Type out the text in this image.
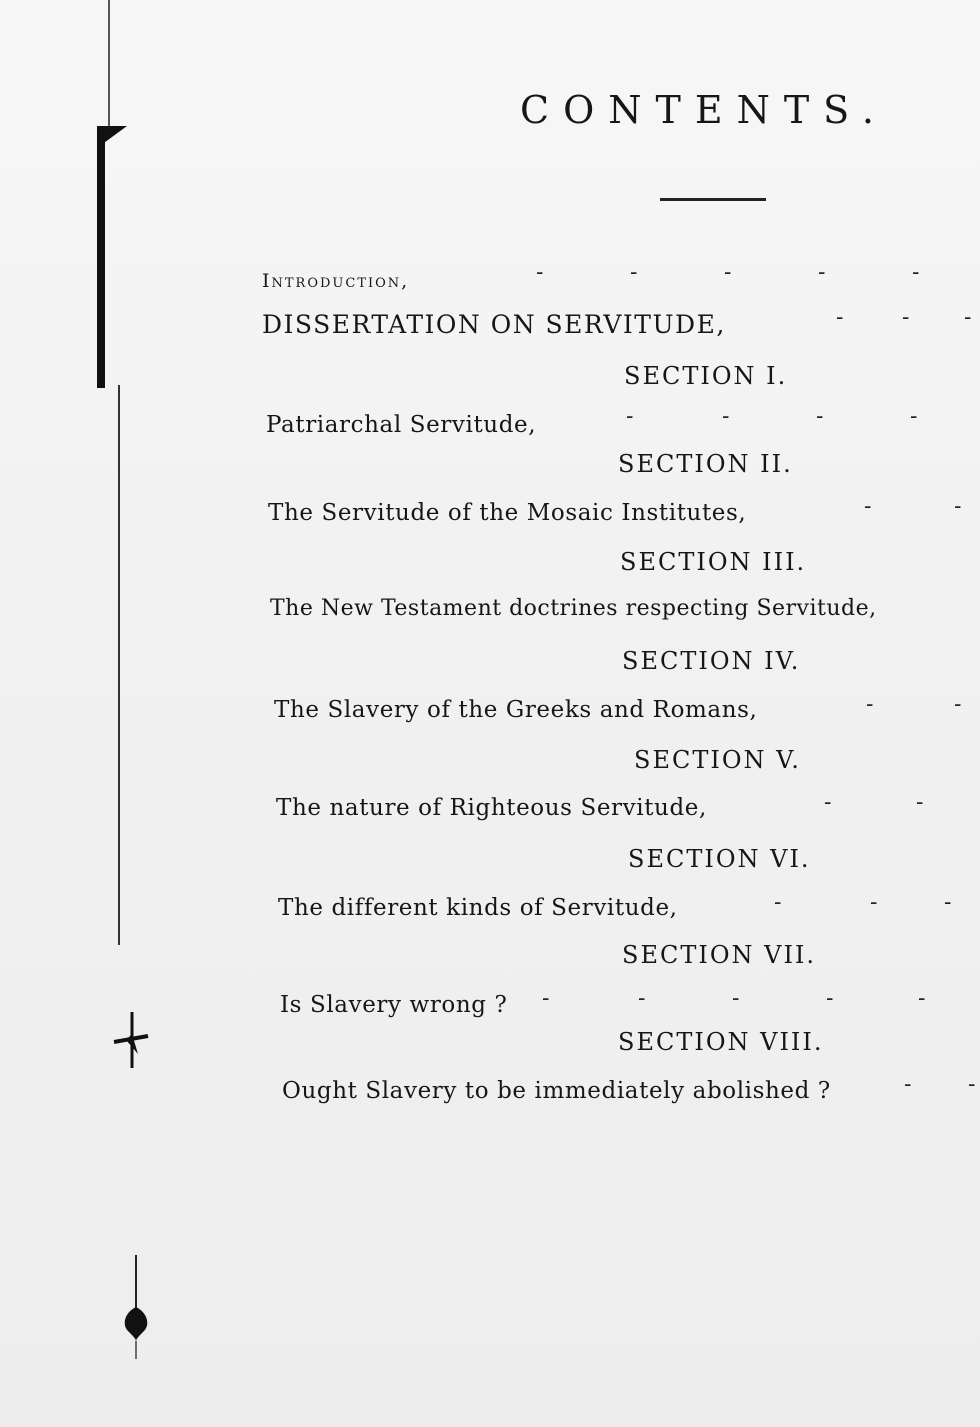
CONTENTS.
Introduction,	-	-	-	-	-
DISSERTATION ON SERVITUDE,	-	- -
SECTION I.
Patriarchal Servitude,	-	-	-	-
SECTION II.
The Servitude of the Mosaic Institutes,	-	-
SECTION III.
The New Testament doctrines respecting Servitude,
SECTION IV.
The Slavery of the Greeks and Romans,	-	-
SECTION V.
The nature of Righteous Servitude,	-	-
SECTION VI.
The different kinds of Servitude,	-	-	-
SECTION VII.
Is Slavery wrong ? -	-	-	-	-
SECTION VIII.
Ought Slavery to be immediately abolished ?	-	-
